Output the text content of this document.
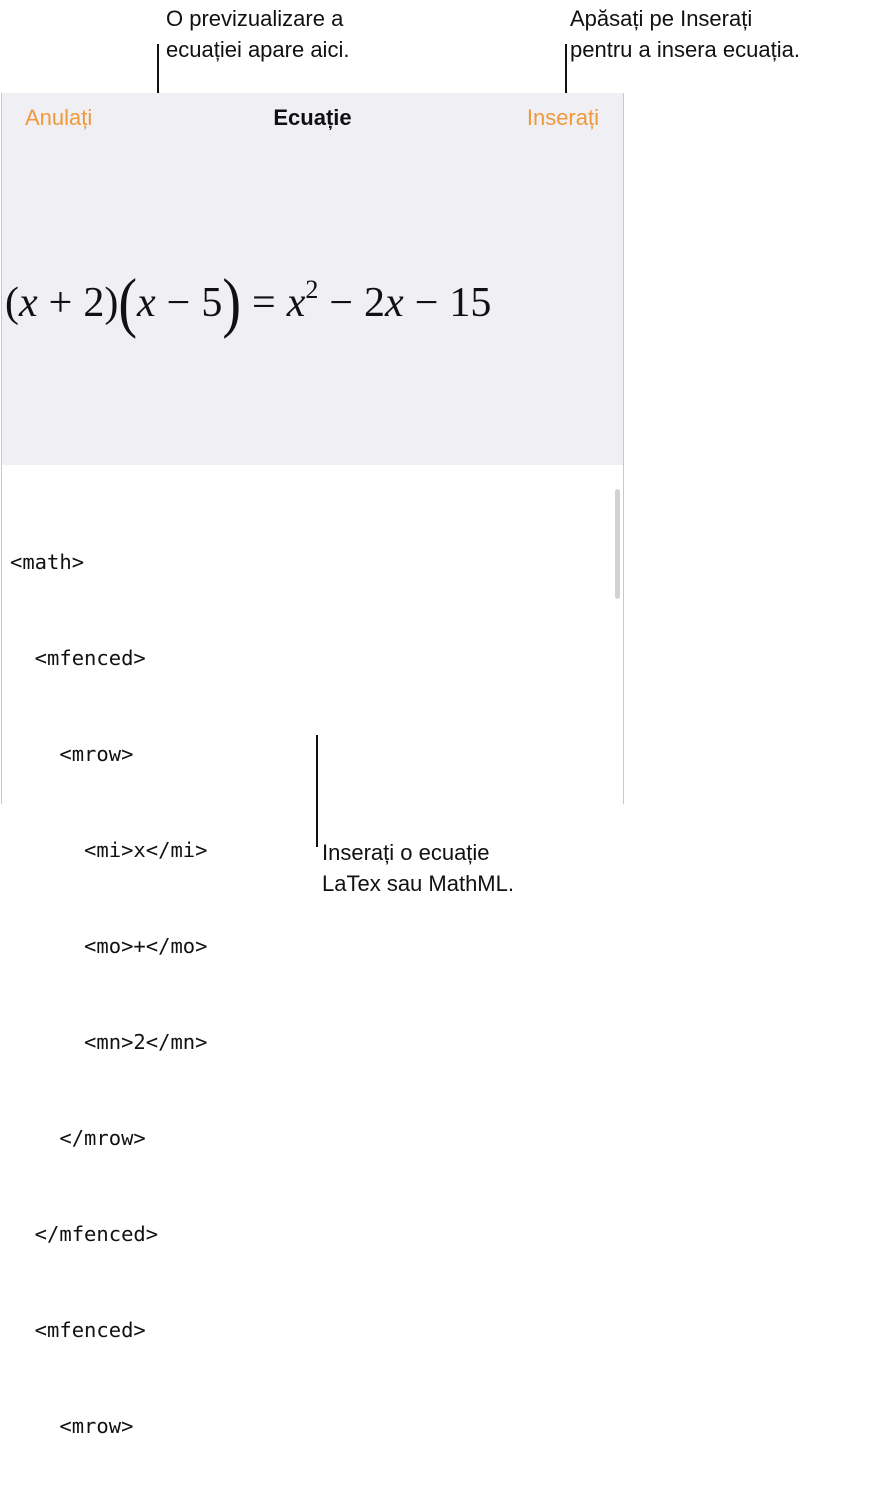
O previzualizare a
ecuației apare aici.
Apăsați pe Inserați
pentru a insera ecuația.
Inserați o ecuație
LaTex sau MathML.
Anulați	Ecuație	Inserați
$(x + 2)(x - 5) = x^2 - 2x - 15$

<math>

<mfenced>

<mrow>

<mi>x</mi>

<mo>+</mo>

<mn>2</mn>

</mrow>

</mfenced>

<mfenced>

<mrow>
